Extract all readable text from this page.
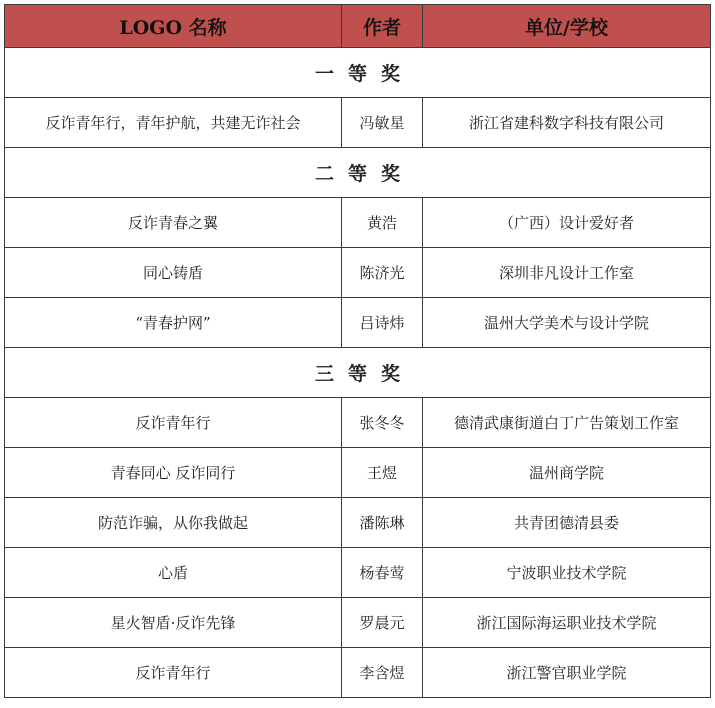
LOGO 名称	作者	单位/学校
一等奖		
反诈青年行，青年护航，共建无诈社会	冯敏星	浙江省建科数字科技有限公司
二等奖		
反诈青春之翼	黄浩	（广西）设计爱好者
同心铸盾	陈济光	深圳非凡设计工作室
“青春护网”	吕诗炜	温州大学美术与设计学院
三等奖		
反诈青年行	张冬冬	德清武康街道白丁广告策划工作室
青春同心 反诈同行	王煜	温州商学院
防范诈骗，从你我做起	潘陈琳	共青团德清县委
心盾	杨春莺	宁波职业技术学院
星火智盾·反诈先锋	罗晨元	浙江国际海运职业技术学院
反诈青年行	李含煜	浙江警官职业学院
